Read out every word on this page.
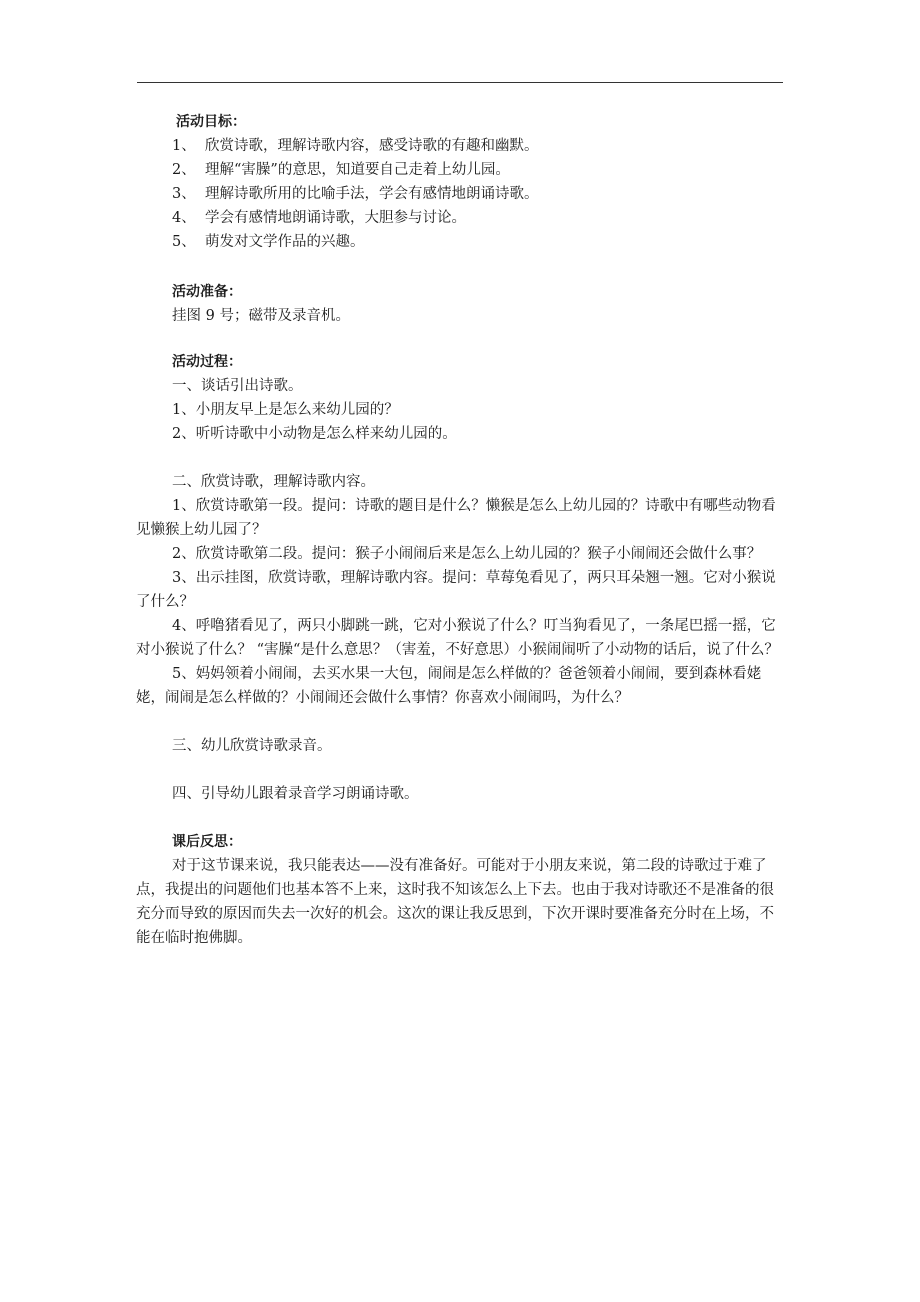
活动目标：
1、 欣赏诗歌，理解诗歌内容，感受诗歌的有趣和幽默。
2、 理解“害臊”的意思，知道要自己走着上幼儿园。
3、 理解诗歌所用的比喻手法，学会有感情地朗诵诗歌。
4、 学会有感情地朗诵诗歌，大胆参与讨论。
5、 萌发对文学作品的兴趣。
活动准备：
挂图 9 号；磁带及录音机。
活动过程：
一、谈话引出诗歌。
1、小朋友早上是怎么来幼儿园的？
2、听听诗歌中小动物是怎么样来幼儿园的。
二、欣赏诗歌，理解诗歌内容。
1、欣赏诗歌第一段。提问：诗歌的题目是什么？懒猴是怎么上幼儿园的？诗歌中有哪些动物看见懒猴上幼儿园了？
2、欣赏诗歌第二段。提问：猴子小闹闹后来是怎么上幼儿园的？猴子小闹闹还会做什么事？
3、出示挂图，欣赏诗歌，理解诗歌内容。提问：草莓兔看见了，两只耳朵翘一翘。它对小猴说了什么？
4、呼噜猪看见了，两只小脚跳一跳，它对小猴说了什么？叮当狗看见了，一条尾巴摇一摇，它对小猴说了什么？ “害臊“是什么意思？（害羞，不好意思）小猴闹闹听了小动物的话后，说了什么？
5、妈妈领着小闹闹，去买水果一大包，闹闹是怎么样做的？爸爸领着小闹闹，要到森林看姥姥，闹闹是怎么样做的？小闹闹还会做什么事情？你喜欢小闹闹吗，为什么？
三、幼儿欣赏诗歌录音。
四、引导幼儿跟着录音学习朗诵诗歌。
课后反思：
对于这节课来说，我只能表达——没有准备好。可能对于小朋友来说，第二段的诗歌过于难了点，我提出的问题他们也基本答不上来，这时我不知该怎么上下去。也由于我对诗歌还不是准备的很充分而导致的原因而失去一次好的机会。这次的课让我反思到，下次开课时要准备充分时在上场，不能在临时抱佛脚。
